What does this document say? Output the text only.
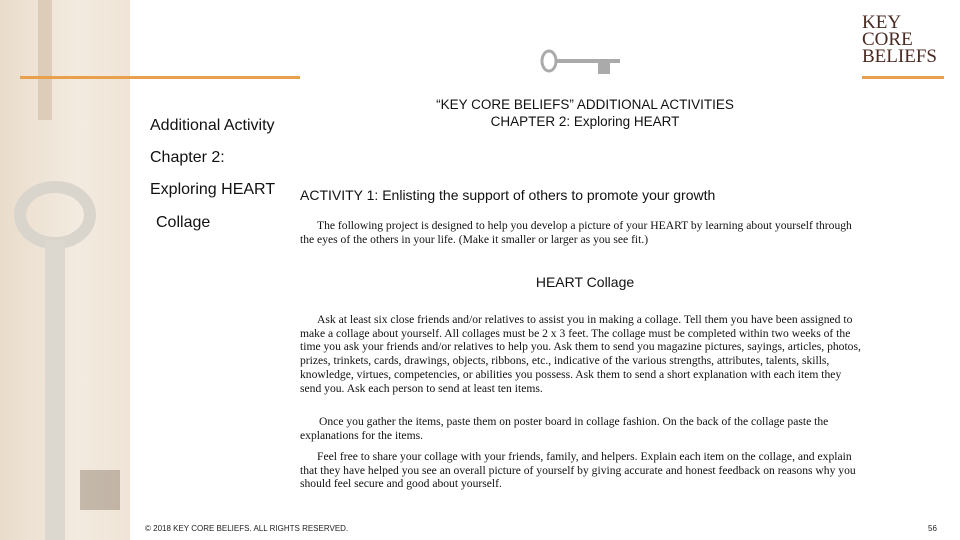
KEY
CORE
BELIEFS
Additional Activity
Chapter 2:
Exploring HEART
Collage
“KEY CORE BELIEFS” ADDITIONAL ACTIVITIES
CHAPTER 2: Exploring HEART
ACTIVITY 1: Enlisting the support of others to promote your growth

The following project is designed to help you develop a picture of your HEART by learning about yourself through the eyes of the others in your life. (Make it smaller or larger as you see fit.)

HEART Collage

Ask at least six close friends and/or relatives to assist you in making a collage. Tell them you have been assigned to make a collage about yourself. All collages must be 2 x 3 feet. The collage must be completed within two weeks of the time you ask your friends and/or relatives to help you. Ask them to send you magazine pictures, sayings, articles, photos, prizes, trinkets, cards, drawings, objects, ribbons, etc., indicative of the various strengths, attributes, talents, skills, knowledge, virtues, competencies, or abilities you possess. Ask them to send a short explanation with each item they send you. Ask each person to send at least ten items.

Once you gather the items, paste them on poster board in collage fashion. On the back of the collage paste the explanations for the items.

Feel free to share your collage with your friends, family, and helpers. Explain each item on the collage, and explain that they have helped you see an overall picture of yourself by giving accurate and honest feedback on reasons why you should feel secure and good about yourself.

© 2018 KEY CORE BELIEFS. ALL RIGHTS RESERVED.	56
